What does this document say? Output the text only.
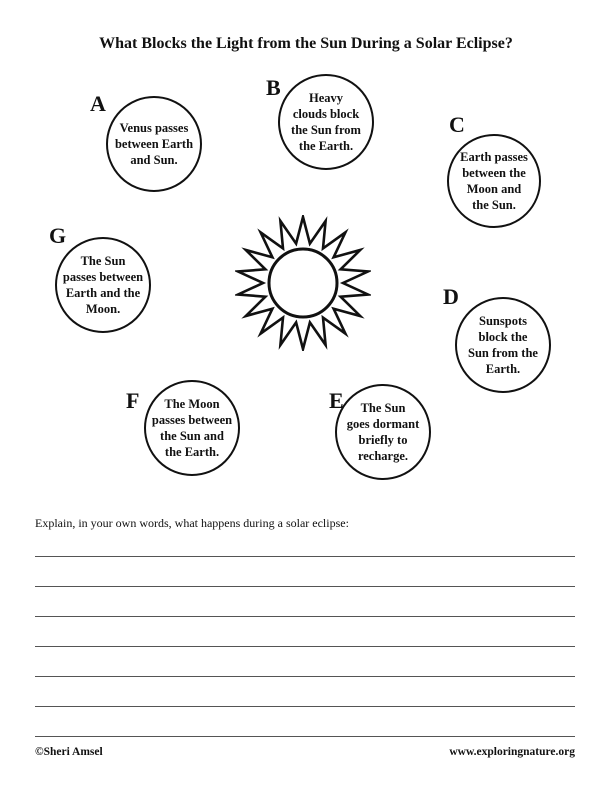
What Blocks the Light from the Sun During a Solar Eclipse?
A
Venus passes
between Earth
and Sun.
B	Heavy
clouds block
the Sun from
the Earth.
C
Earth passes
between the
Moon and
the Sun.
D
Sunspots
block the
Sun from the
Earth.
E	The Sun
goes dormant
briefly to
recharge.
F	The Moon
passes between
the Sun and
the Earth.
G
The Sun
passes between
Earth and the
Moon.
Explain, in your own words, what happens during a solar eclipse:
©Sheri Amsel	www.exploringnature.org
